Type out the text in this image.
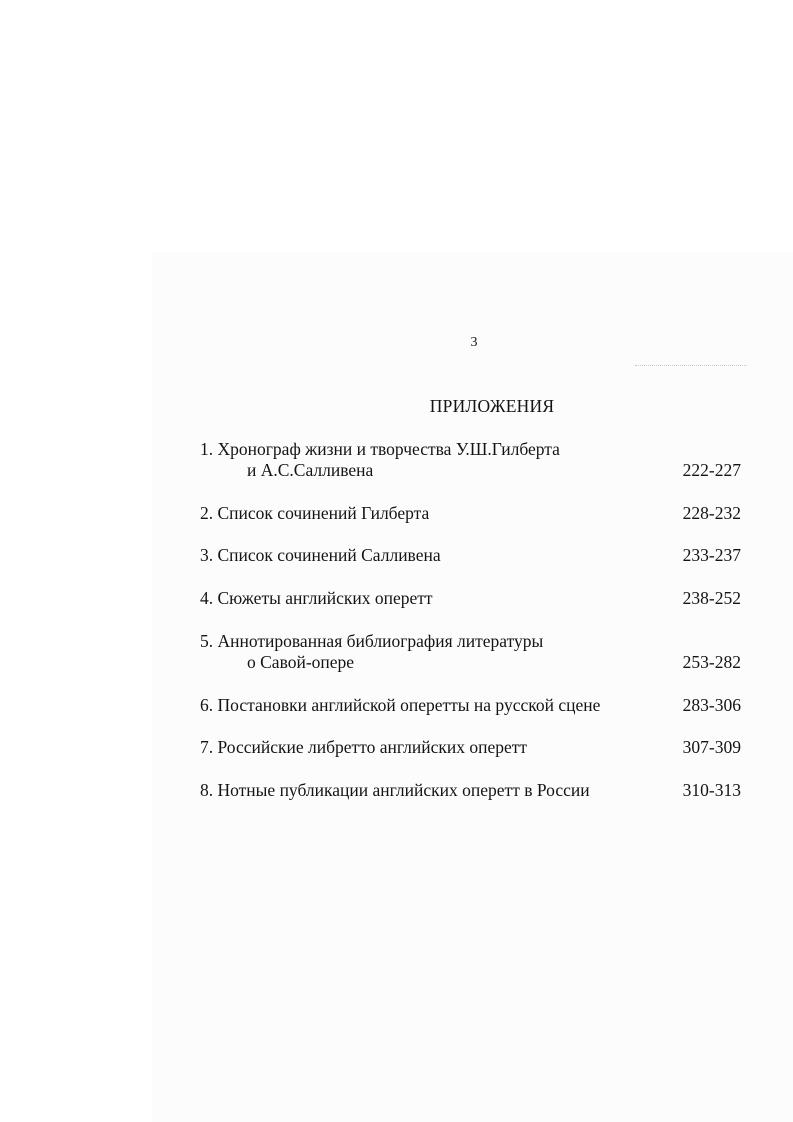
3
ПРИЛОЖЕНИЯ
1. Хронограф жизни и творчества У.Ш.Гилберта
и А.С.Салливена	222-227
2. Список сочинений Гилберта	228-232
3. Список сочинений Салливена	233-237
4. Сюжеты английских оперетт	238-252
5. Аннотированная библиография литературы
о Савой-опере	253-282
6. Постановки английской оперетты на русской сцене	283-306
7. Российские либретто английских оперетт	307-309
8. Нотные публикации английских оперетт в России	310-313
